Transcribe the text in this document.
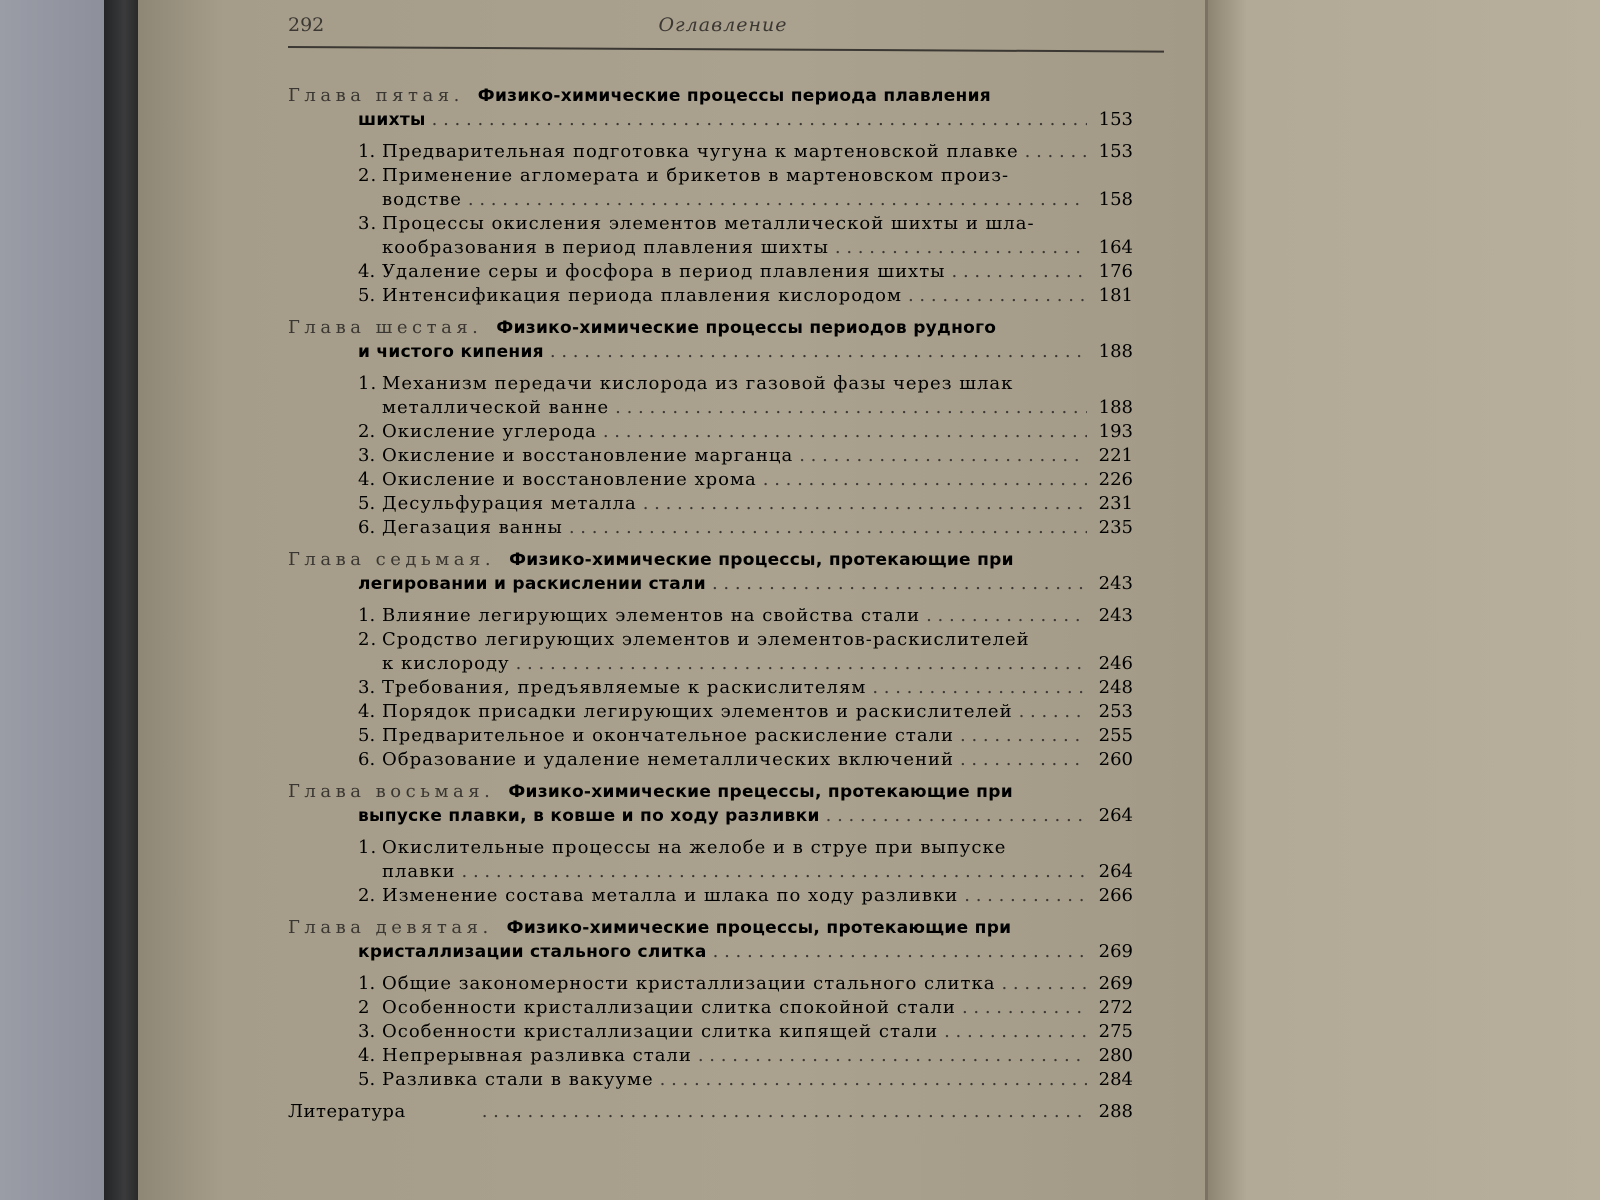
292	Оглавление
Глава пятая. Физико-химические процессы периода плавления
шихты . . .	153
1. Предварительная подготовка чугуна к мартеновской плавке . . .	153
2. Применение агломерата и брикетов в мартеновском произ-
водстве . . .	158
3. Процессы окисления элементов металлической шихты и шла-
кообразования в период плавления шихты . . .	164
4. Удаление серы и фосфора в период плавления шихты . . .	176
5. Интенсификация периода плавления кислородом . . .	181
Глава шестая. Физико-химические процессы периодов рудного
и чистого кипения . . .	188
1. Механизм передачи кислорода из газовой фазы через шлак
металлической ванне . . .	188
2. Окисление углерода . . .	193
3. Окисление и восстановление марганца . . .	221
4. Окисление и восстановление хрома . . .	226
5. Десульфурация металла . . .	231
6. Дегазация ванны . . .	235
Глава седьмая. Физико-химические процессы, протекающие при
легировании и раскислении стали . . .	243
1. Влияние легирующих элементов на свойства стали . . .	243
2. Сродство легирующих элементов и элементов-раскислителей
к кислороду . . .	246
3. Требования, предъявляемые к раскислителям . . .	248
4. Порядок присадки легирующих элементов и раскислителей . . .	253
5. Предварительное и окончательное раскисление стали . . .	255
6. Образование и удаление неметаллических включений . . .	260
Глава восьмая. Физико-химические прецессы, протекающие при
выпуске плавки, в ковше и по ходу разливки . . .	264
1. Окислительные процессы на желобе и в струе при выпуске
плавки . . .	264
2. Изменение состава металла и шлака по ходу разливки . . .	266
Глава девятая. Физико-химические процессы, протекающие при
кристаллизации стального слитка . . .	269
1. Общие закономерности кристаллизации стального слитка . . .	269
2 Особенности кристаллизации слитка спокойной стали . . .	272
3. Особенности кристаллизации слитка кипящей стали . . .	275
4. Непрерывная разливка стали . . .	280
5. Разливка стали в вакууме . . .	284
Литература . . .	288
